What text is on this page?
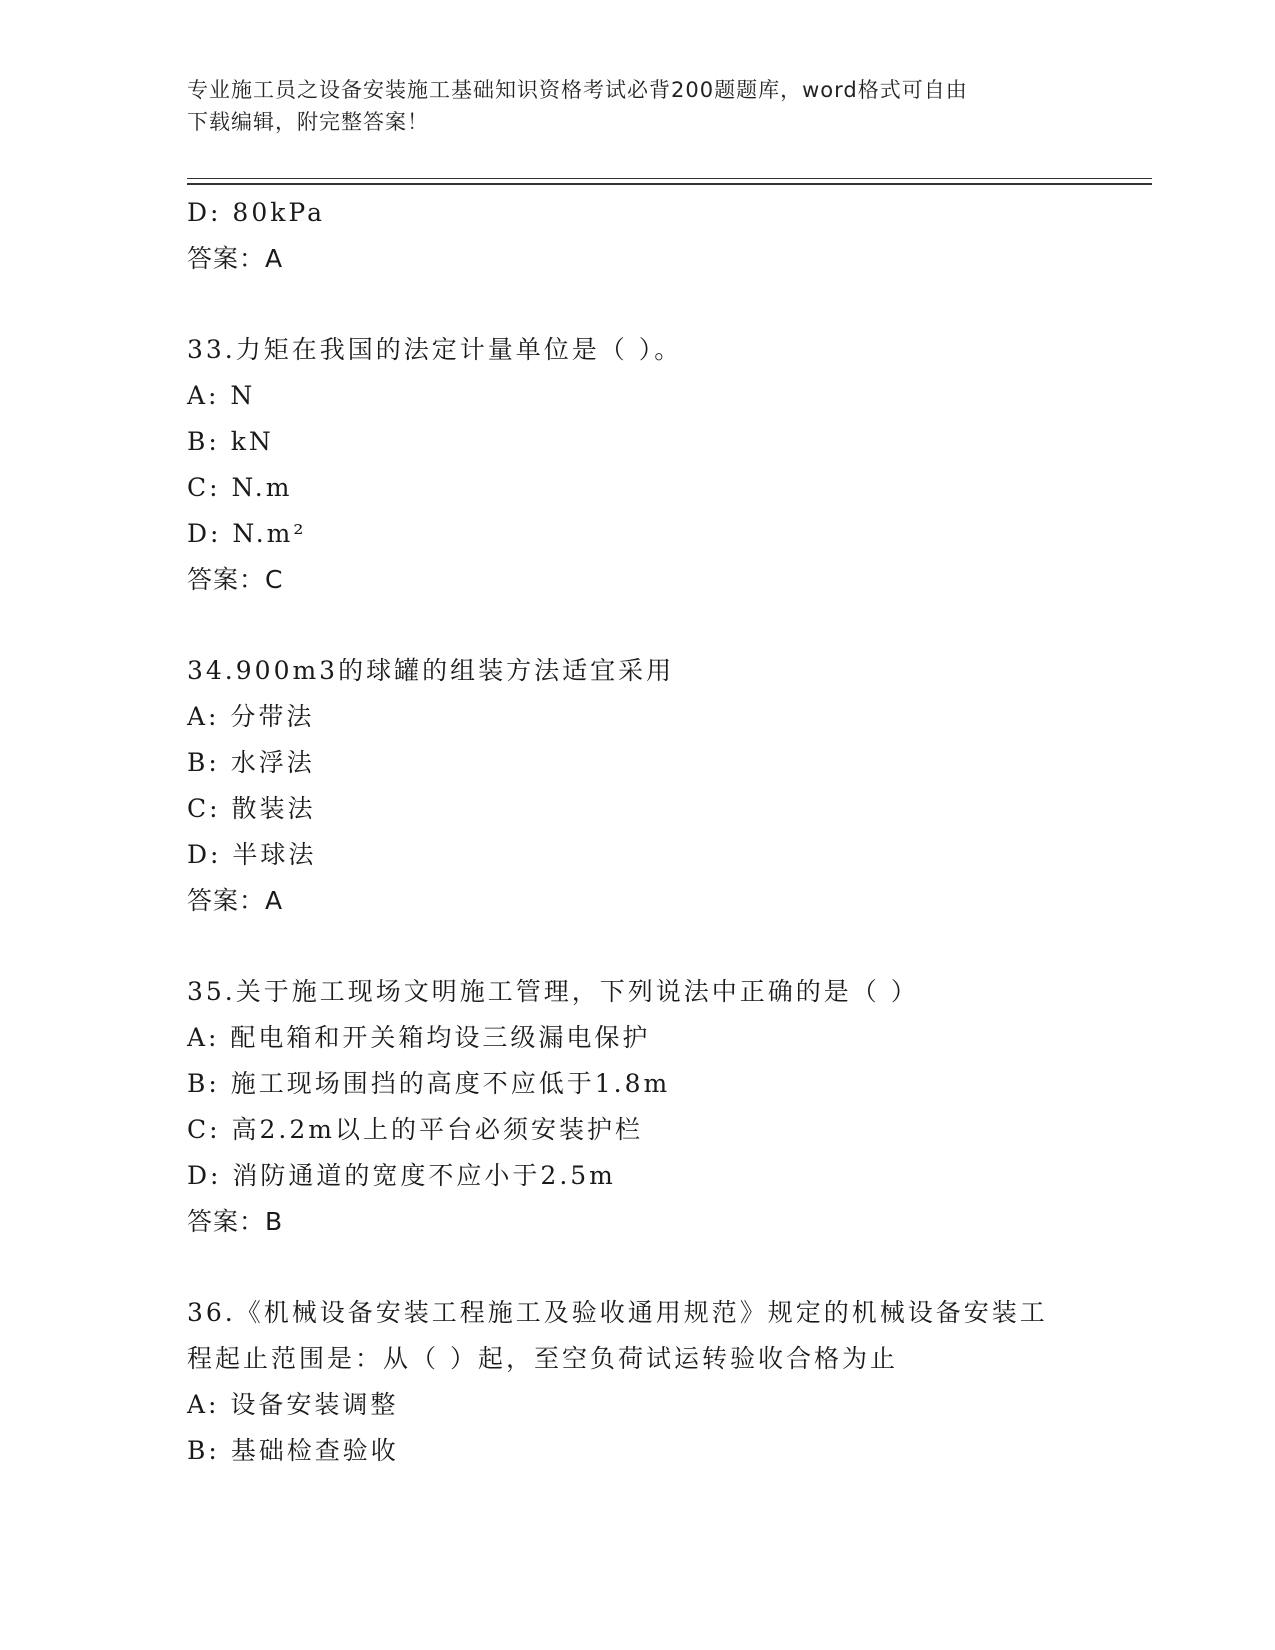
专业施工员之设备安装施工基础知识资格考试必背200题题库，word格式可自由
下载编辑，附完整答案！
D: 80kPa
答案：A
33.力矩在我国的法定计量单位是（ ）。
A: N
B: kN
C: N.m
D: N.m²
答案：C
34.900m3的球罐的组装方法适宜采用
A: 分带法
B: 水浮法
C: 散装法
D: 半球法
答案：A
35.关于施工现场文明施工管理，下列说法中正确的是（ ）
A: 配电箱和开关箱均设三级漏电保护
B: 施工现场围挡的高度不应低于1.8m
C: 高2.2m以上的平台必须安装护栏
D: 消防通道的宽度不应小于2.5m
答案：B
36.《机械设备安装工程施工及验收通用规范》规定的机械设备安装工
程起止范围是：从（ ）起，至空负荷试运转验收合格为止
A: 设备安装调整
B: 基础检查验收
